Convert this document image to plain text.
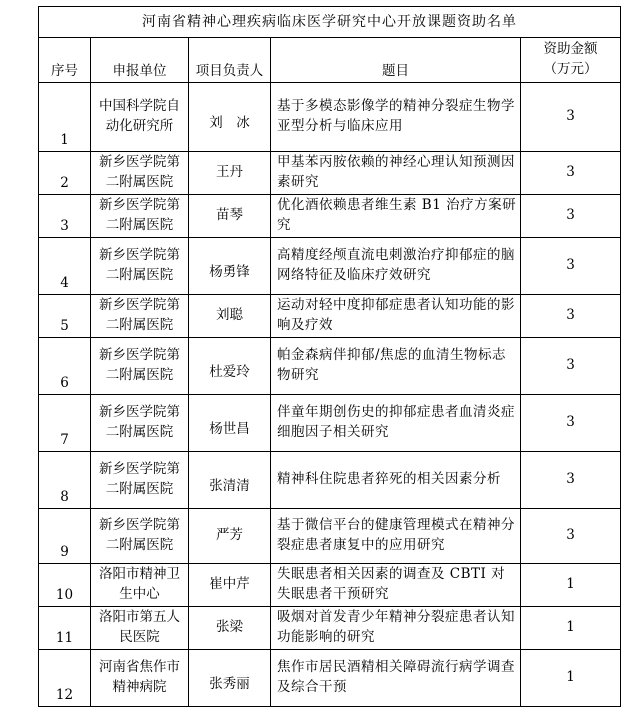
河南省精神心理疾病临床医学研究中心开放课题资助名单				
序号	申报单位	项目负责人	题目	资助金额
（万元）

1	中国科学院自动化研究所	刘　冰	基于多模态影像学的精神分裂症生物学亚型分析与临床应用	3
2	新乡医学院第二附属医院	王丹	甲基苯丙胺依赖的神经心理认知预测因素研究	3
3	新乡医学院第二附属医院	苗琴	优化酒依赖患者维生素 B1 治疗方案研究	3
4	新乡医学院第二附属医院	杨勇锋	高精度经颅直流电刺激治疗抑郁症的脑网络特征及临床疗效研究	3
5	新乡医学院第二附属医院	刘聪	运动对轻中度抑郁症患者认知功能的影响及疗效	3
6	新乡医学院第二附属医院	杜爱玲	帕金森病伴抑郁/焦虑的血清生物标志物研究	3
7	新乡医学院第二附属医院	杨世昌	伴童年期创伤史的抑郁症患者血清炎症细胞因子相关研究	3
8	新乡医学院第二附属医院	张清清	精神科住院患者猝死的相关因素分析	3
9	新乡医学院第二附属医院	严芳	基于微信平台的健康管理模式在精神分裂症患者康复中的应用研究	3
10	洛阳市精神卫生中心	崔中芹	失眠患者相关因素的调查及 CBTI 对失眠患者干预研究	1
11	洛阳市第五人民医院	张梁	吸烟对首发青少年精神分裂症患者认知功能影响的研究	1
12	河南省焦作市精神病院	张秀丽	焦作市居民酒精相关障碍流行病学调查及综合干预	1
